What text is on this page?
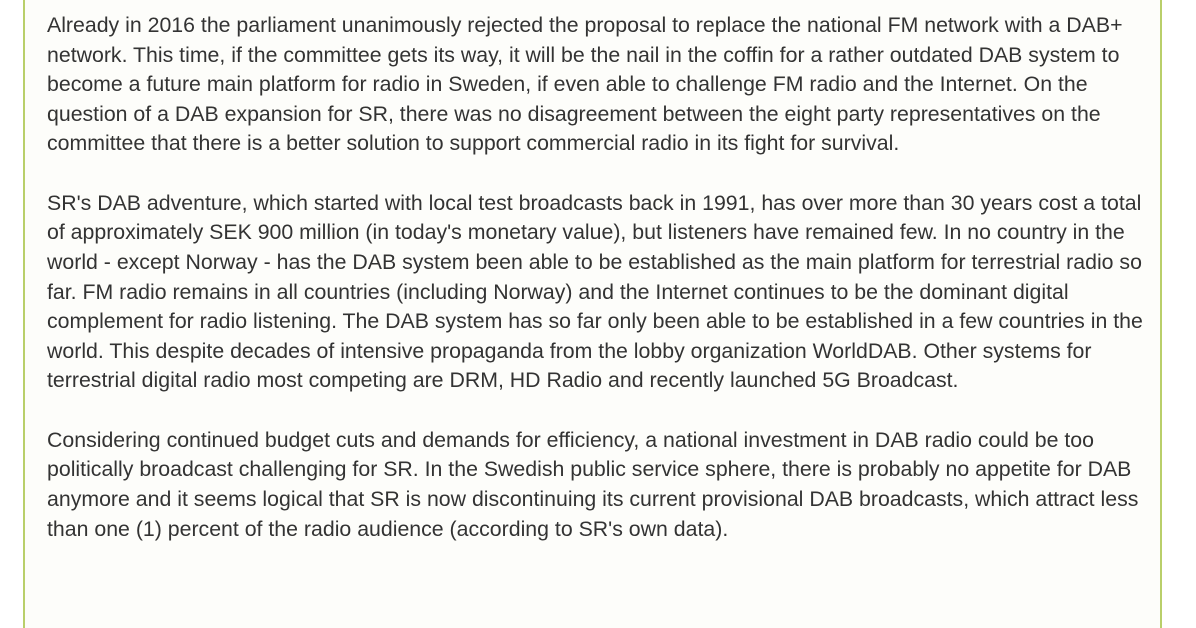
Already in 2016 the parliament unanimously rejected the proposal to replace the national FM network with a DAB+ network. This time, if the committee gets its way, it will be the nail in the coffin for a rather outdated DAB system to become a future main platform for radio in Sweden, if even able to challenge FM radio and the Internet. On the question of a DAB expansion for SR, there was no disagreement between the eight party representatives on the committee that there is a better solution to support commercial radio in its fight for survival.

SR's DAB adventure, which started with local test broadcasts back in 1991, has over more than 30 years cost a total of approximately SEK 900 million (in today's monetary value), but listeners have remained few. In no country in the world - except Norway - has the DAB system been able to be established as the main platform for terrestrial radio so far. FM radio remains in all countries (including Norway) and the Internet continues to be the dominant digital complement for radio listening. The DAB system has so far only been able to be established in a few countries in the world. This despite decades of intensive propaganda from the lobby organization WorldDAB. Other systems for terrestrial digital radio most competing are DRM, HD Radio and recently launched 5G Broadcast.

Considering continued budget cuts and demands for efficiency, a national investment in DAB radio could be too politically broadcast challenging for SR. In the Swedish public service sphere, there is probably no appetite for DAB anymore and it seems logical that SR is now discontinuing its current provisional DAB broadcasts, which attract less than one (1) percent of the radio audience (according to SR's own data).
